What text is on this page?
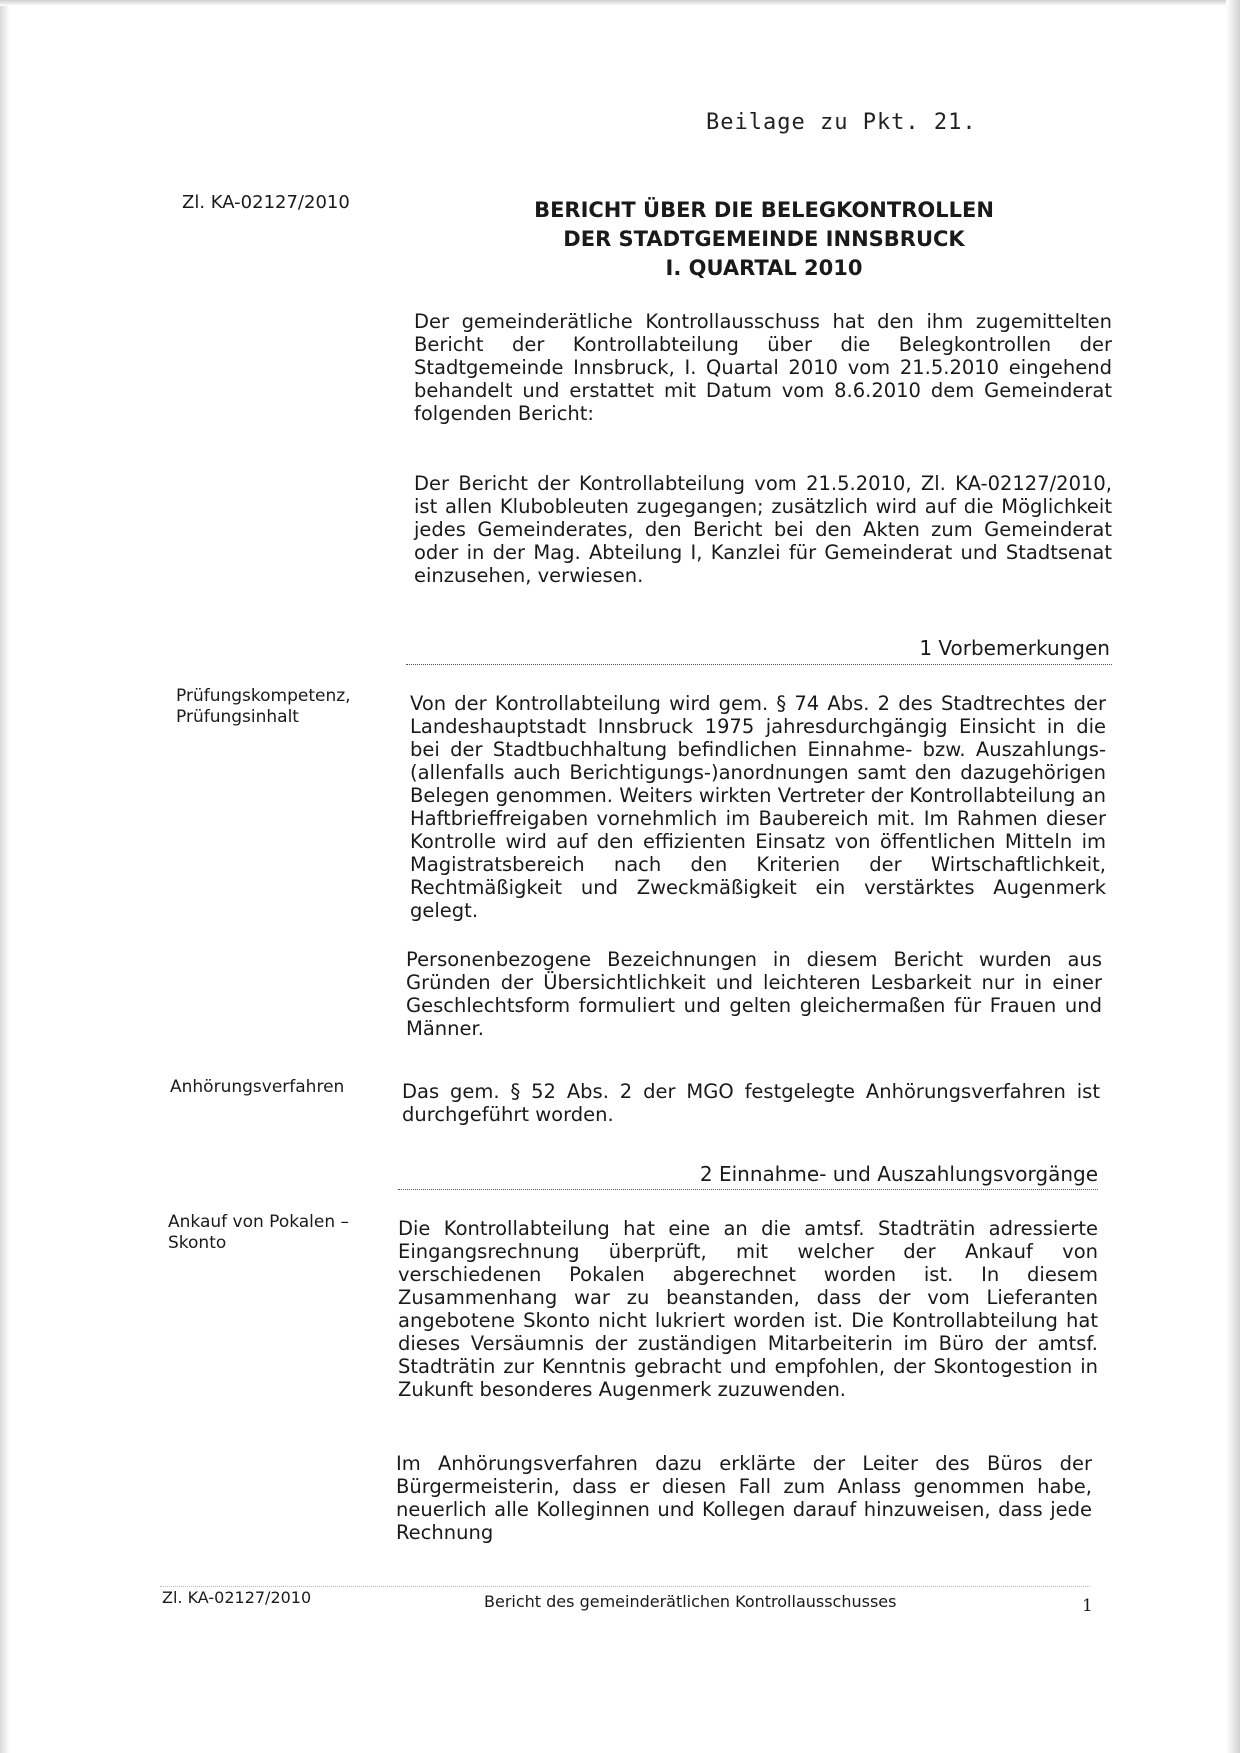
Beilage zu Pkt. 21.
Zl. KA-02127/2010	BERICHT ÜBER DIE BELEGKONTROLLEN
DER STADTGEMEINDE INNSBRUCK
I. QUARTAL 2010
Der gemeinderätliche Kontrollausschuss hat den ihm zugemittelten Bericht der Kontrollabteilung über die Belegkontrollen der Stadtgemeinde Innsbruck, I. Quartal 2010 vom 21.5.2010 eingehend behandelt und erstattet mit Datum vom 8.6.2010 dem Gemeinderat folgenden Bericht:
Der Bericht der Kontrollabteilung vom 21.5.2010, Zl. KA-02127/2010, ist allen Klubobleuten zugegangen; zusätzlich wird auf die Möglichkeit jedes Gemeinderates, den Bericht bei den Akten zum Gemeinderat oder in der Mag. Abteilung I, Kanzlei für Gemeinderat und Stadtsenat einzusehen, verwiesen.
1 Vorbemerkungen
Prüfungskompetenz, Prüfungsinhalt
Von der Kontrollabteilung wird gem. § 74 Abs. 2 des Stadtrechtes der Landeshauptstadt Innsbruck 1975 jahresdurchgängig Einsicht in die bei der Stadtbuchhaltung befindlichen Einnahme- bzw. Auszahlungs- (allenfalls auch Berichtigungs-)anordnungen samt den dazugehörigen Belegen genommen. Weiters wirkten Vertreter der Kontrollabteilung an Haftbrieffreigaben vornehmlich im Baubereich mit. Im Rahmen dieser Kontrolle wird auf den effizienten Einsatz von öffentlichen Mitteln im Magistratsbereich nach den Kriterien der Wirtschaftlichkeit, Rechtmäßigkeit und Zweckmäßigkeit ein verstärktes Augenmerk gelegt.
Personenbezogene Bezeichnungen in diesem Bericht wurden aus Gründen der Übersichtlichkeit und leichteren Lesbarkeit nur in einer Geschlechtsform formuliert und gelten gleichermaßen für Frauen und Männer.
Anhörungsverfahren	Das gem. § 52 Abs. 2 der MGO festgelegte Anhörungsverfahren ist durchgeführt worden.
2 Einnahme- und Auszahlungsvorgänge
Ankauf von Pokalen – Skonto
Die Kontrollabteilung hat eine an die amtsf. Stadträtin adressierte Eingangsrechnung überprüft, mit welcher der Ankauf von verschiedenen Pokalen abgerechnet worden ist. In diesem Zusammenhang war zu beanstanden, dass der vom Lieferanten angebotene Skonto nicht lukriert worden ist. Die Kontrollabteilung hat dieses Versäumnis der zuständigen Mitarbeiterin im Büro der amtsf. Stadträtin zur Kenntnis gebracht und empfohlen, der Skontogestion in Zukunft besonderes Augenmerk zuzuwenden.
Im Anhörungsverfahren dazu erklärte der Leiter des Büros der Bürgermeisterin, dass er diesen Fall zum Anlass genommen habe, neuerlich alle Kolleginnen und Kollegen darauf hinzuweisen, dass jede Rechnung
Zl. KA-02127/2010	Bericht des gemeinderätlichen Kontrollausschusses	1
